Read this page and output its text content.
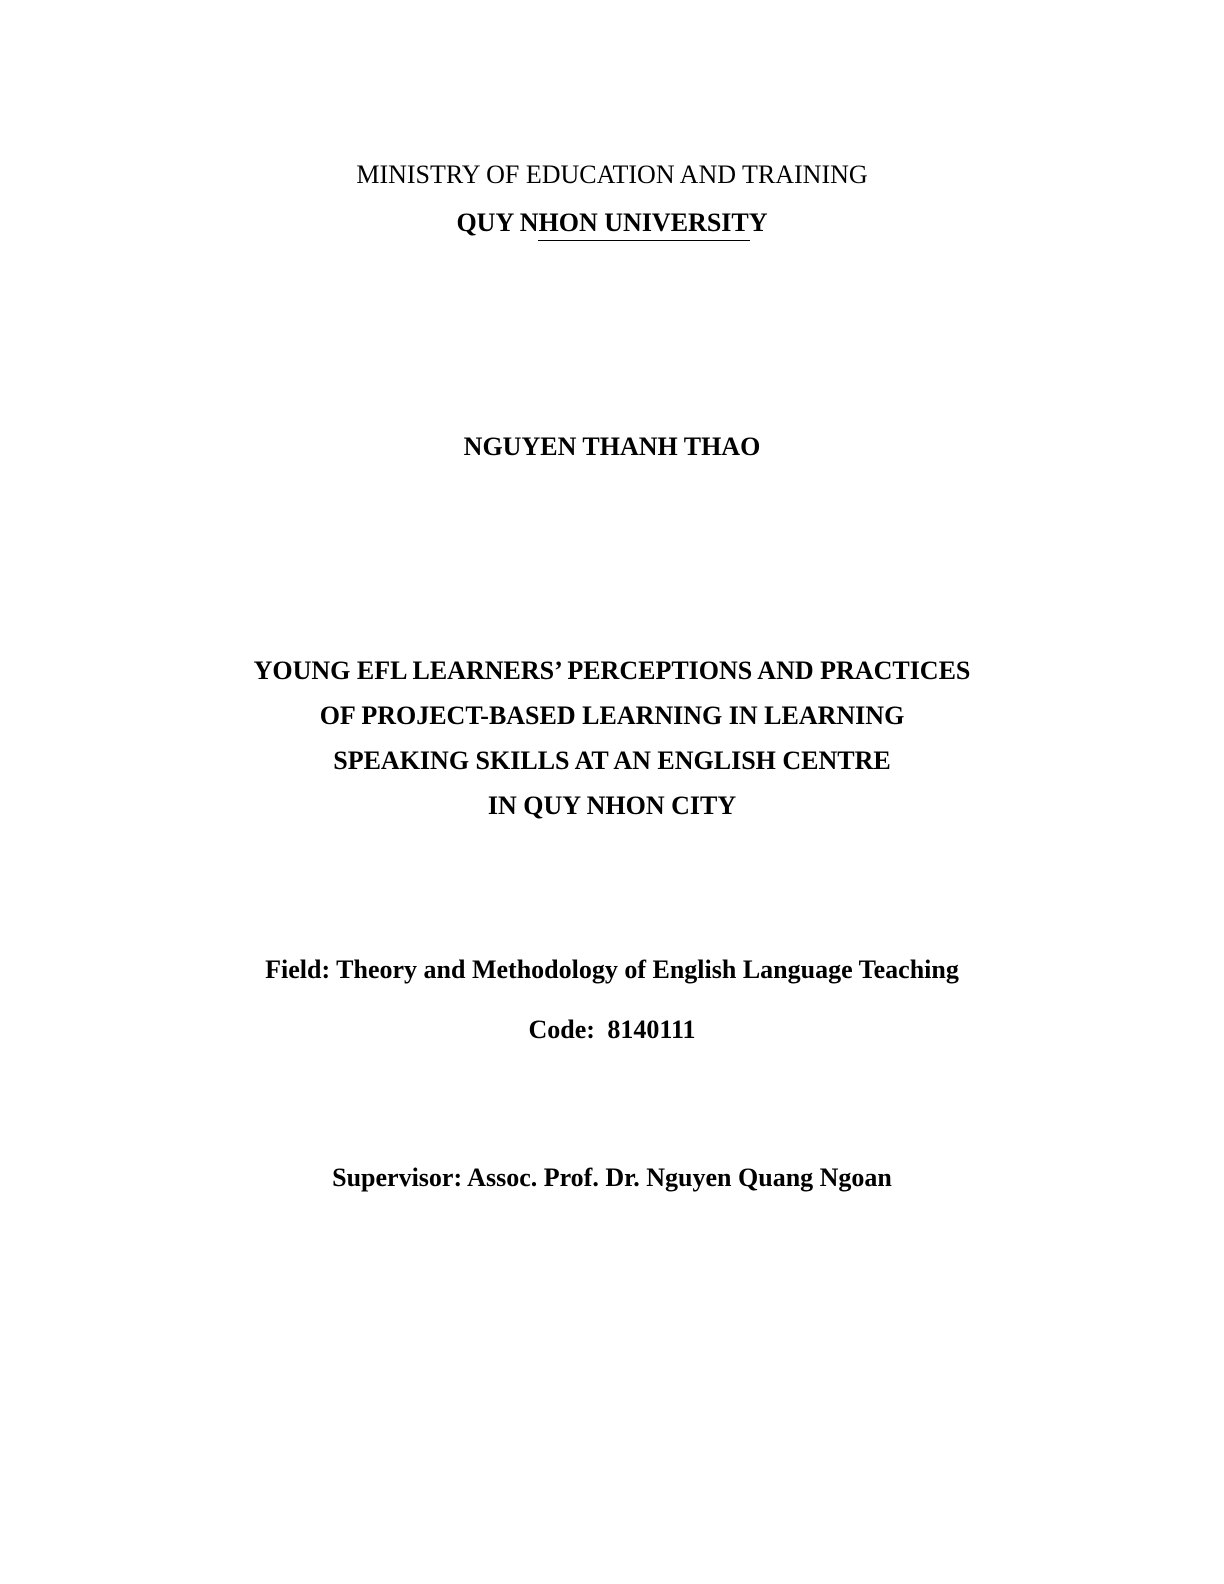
MINISTRY OF EDUCATION AND TRAINING
QUY NHON UNIVERSITY
NGUYEN THANH THAO
YOUNG EFL LEARNERS’ PERCEPTIONS AND PRACTICES
OF PROJECT-BASED LEARNING IN LEARNING
SPEAKING SKILLS AT AN ENGLISH CENTRE
IN QUY NHON CITY
Field: Theory and Methodology of English Language Teaching
Code: 8140111
Supervisor: Assoc. Prof. Dr. Nguyen Quang Ngoan
